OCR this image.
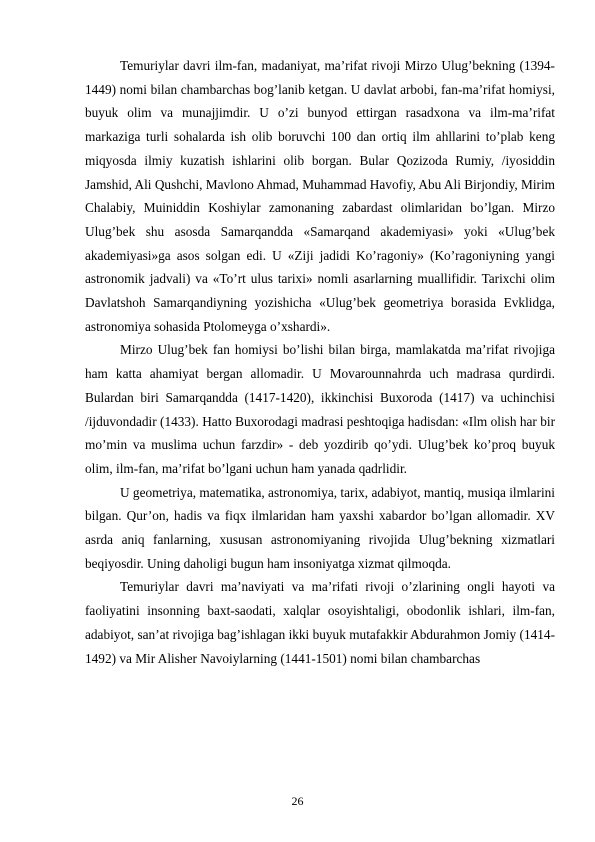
Temuriylar davri ilm-fan, madaniyat, ma’rifat rivoji Mirzo Ulug’bekning (1394-1449) nomi bilan chambarchas bog’lanib ketgan. U davlat arbobi, fan-ma’rifat homiysi, buyuk olim va munajjimdir. U o’zi bunyod ettirgan rasadxona va ilm-ma’rifat markaziga turli sohalarda ish olib boruvchi 100 dan ortiq ilm ahllarini to’plab keng miqyosda ilmiy kuzatish ishlarini olib borgan. Bular Qozizoda Rumiy, /iyosiddin Jamshid, Ali Qushchi, Mavlono Ahmad, Muhammad Havofiy, Abu Ali Birjondiy, Mirim Chalabiy, Muiniddin Koshiylar zamonaning zabardast olimlaridan bo’lgan. Mirzo Ulug’bek shu asosda Samarqandda «Samarqand akademiyasi» yoki «Ulug’bek akademiyasi»ga asos solgan edi. U «Ziji jadidi Ko’ragoniy» (Ko’ragoniyning yangi astronomik jadvali) va «To’rt ulus tarixi» nomli asarlarning muallifidir. Tarixchi olim Davlatshoh Samarqandiyning yozishicha «Ulug’bek geometriya borasida Evklidga, astronomiya sohasida Ptolomeyga o’xshardi».

Mirzo Ulug’bek fan homiysi bo’lishi bilan birga, mamlakatda ma’rifat rivojiga ham katta ahamiyat bergan allomadir. U Movarounnahrda uch madrasa qurdirdi. Bulardan biri Samarqandda (1417-1420), ikkinchisi Buxoroda (1417) va uchinchisi /ijduvondadir (1433). Hatto Buxorodagi madrasi peshtoqiga hadisdan: «Ilm olish har bir mo’min va muslima uchun farzdir» - deb yozdirib qo’ydi. Ulug’bek ko’proq buyuk olim, ilm-fan, ma’rifat bo’lgani uchun ham yanada qadrlidir.

U geometriya, matematika, astronomiya, tarix, adabiyot, mantiq, musiqa ilmlarini bilgan. Qur’on, hadis va fiqx ilmlaridan ham yaxshi xabardor bo’lgan allomadir. XV asrda aniq fanlarning, xususan astronomiyaning rivojida Ulug’bekning xizmatlari beqiyosdir. Uning daholigi bugun ham insoniyatga xizmat qilmoqda.

Temuriylar davri ma’naviyati va ma’rifati rivoji o’zlarining ongli hayoti va faoliyatini insonning baxt-saodati, xalqlar osoyishtaligi, obodonlik ishlari, ilm-fan, adabiyot, san’at rivojiga bag’ishlagan ikki buyuk mutafakkir Abdurahmon Jomiy (1414-1492) va Mir Alisher Navoiylarning (1441-1501) nomi bilan chambarchas

26
